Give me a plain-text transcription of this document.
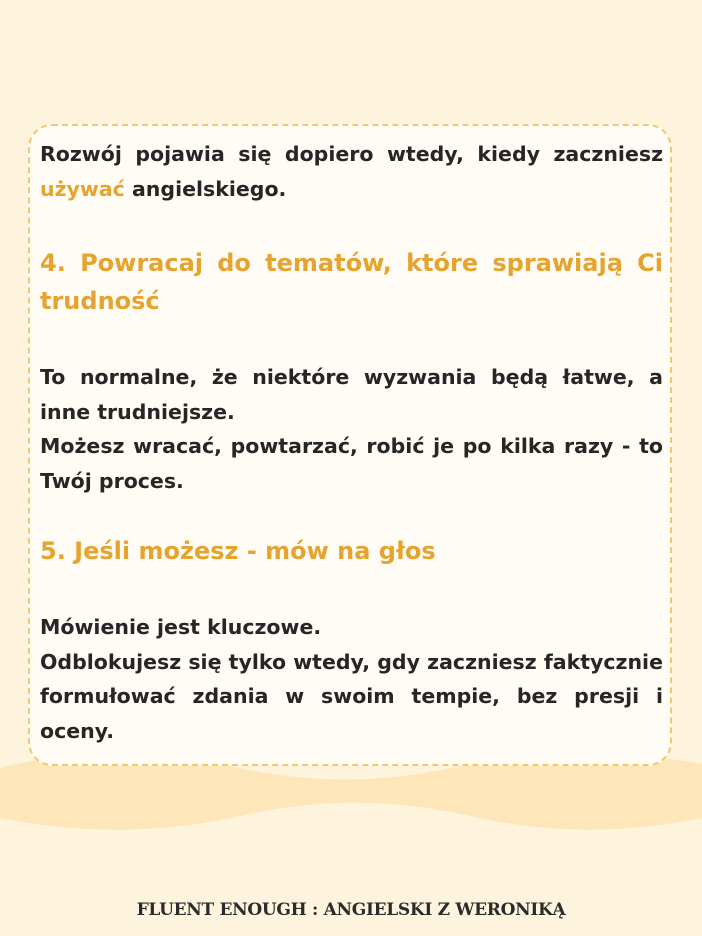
Rozwój pojawia się dopiero wtedy, kiedy zaczniesz używać angielskiego.

4. Powracaj do tematów, które sprawiają Ci trudność

To normalne, że niektóre wyzwania będą łatwe, a inne trudniejsze.

Możesz wracać, powtarzać, robić je po kilka razy - to Twój proces.

5. Jeśli możesz - mów na głos

Mówienie jest kluczowe.

Odblokujesz się tylko wtedy, gdy zaczniesz faktycznie formułować zdania w swoim tempie, bez presji i oceny.

FLUENT ENOUGH : ANGIELSKI Z WERONIKĄ
